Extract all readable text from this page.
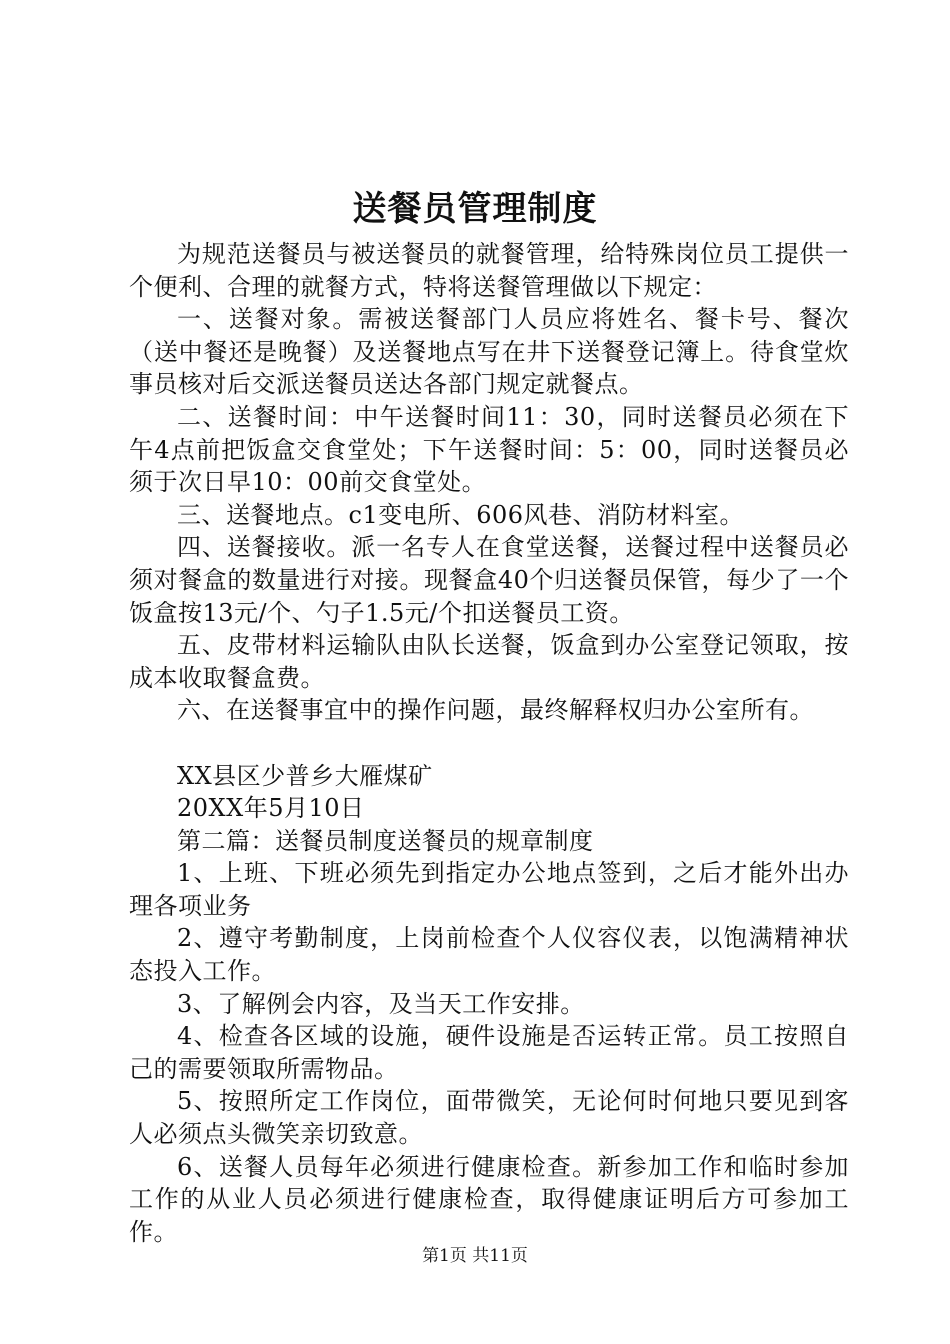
送餐员管理制度

为规范送餐员与被送餐员的就餐管理，给特殊岗位员工提供一个便利、合理的就餐方式，特将送餐管理做以下规定：

一、送餐对象。需被送餐部门人员应将姓名、餐卡号、餐次（送中餐还是晚餐）及送餐地点写在井下送餐登记簿上。待食堂炊事员核对后交派送餐员送达各部门规定就餐点。

二、送餐时间：中午送餐时间11：30，同时送餐员必须在下午4点前把饭盒交食堂处；下午送餐时间：5：00，同时送餐员必须于次日早10：00前交食堂处。

三、送餐地点。c1变电所、606风巷、消防材料室。

四、送餐接收。派一名专人在食堂送餐，送餐过程中送餐员必须对餐盒的数量进行对接。现餐盒40个归送餐员保管，每少了一个饭盒按13元/个、勺子1.5元/个扣送餐员工资。

五、皮带材料运输队由队长送餐，饭盒到办公室登记领取，按成本收取餐盒费。

六、在送餐事宜中的操作问题，最终解释权归办公室所有。

XX县区少普乡大雁煤矿

20XX年5月10日

第二篇：送餐员制度送餐员的规章制度

1、上班、下班必须先到指定办公地点签到，之后才能外出办理各项业务

2、遵守考勤制度，上岗前检查个人仪容仪表，以饱满精神状态投入工作。

3、了解例会内容，及当天工作安排。

4、检查各区域的设施，硬件设施是否运转正常。员工按照自己的需要领取所需物品。

5、按照所定工作岗位，面带微笑，无论何时何地只要见到客人必须点头微笑亲切致意。

6、送餐人员每年必须进行健康检查。新参加工作和临时参加工作的从业人员必须进行健康检查，取得健康证明后方可参加工作。

第1页 共11页
